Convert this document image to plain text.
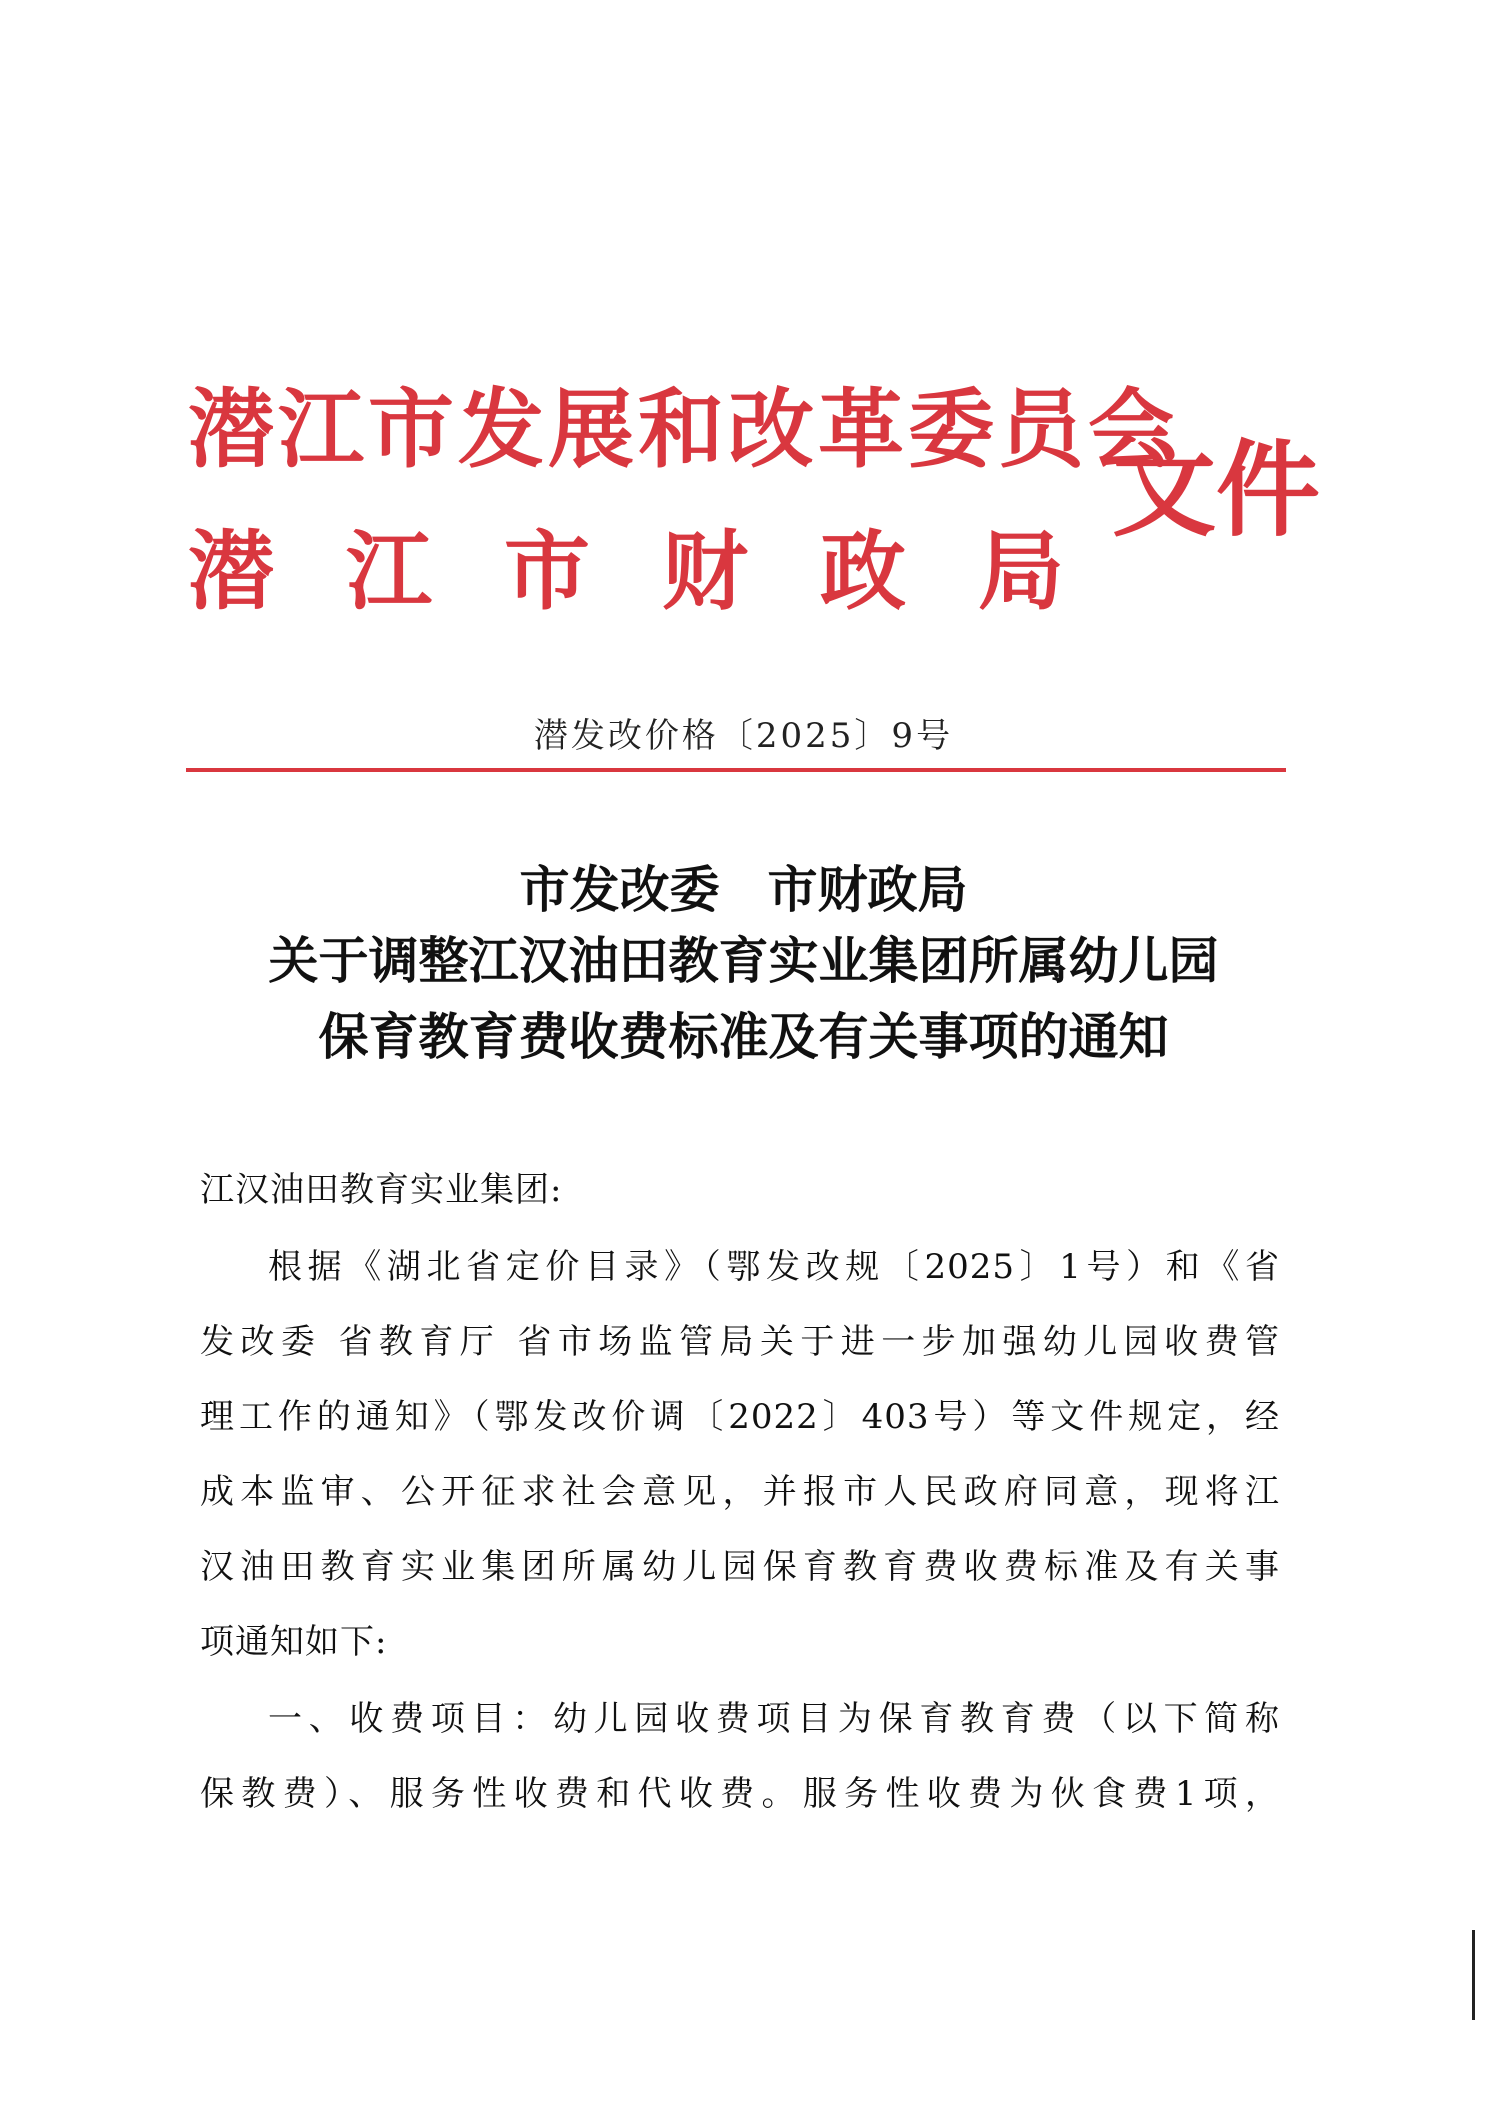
潜江市发展和改革委员会
潜 江 市 财 政 局
文件
潜发改价格〔2025〕9号
市发改委 市财政局
关于调整江汉油田教育实业集团所属幼儿园
保育教育费收费标准及有关事项的通知
江汉油田教育实业集团:
根据《湖北省定价目录》（鄂发改规〔2025〕1号）和《省
发改委 省教育厅 省市场监管局关于进一步加强幼儿园收费管
理工作的通知》（鄂发改价调〔2022〕403号）等文件规定，经
成本监审、公开征求社会意见，并报市人民政府同意，现将江
汉油田教育实业集团所属幼儿园保育教育费收费标准及有关事
项通知如下:
一、收费项目：幼儿园收费项目为保育教育费（以下简称
保教费）、服务性收费和代收费。服务性收费为伙食费1项，
